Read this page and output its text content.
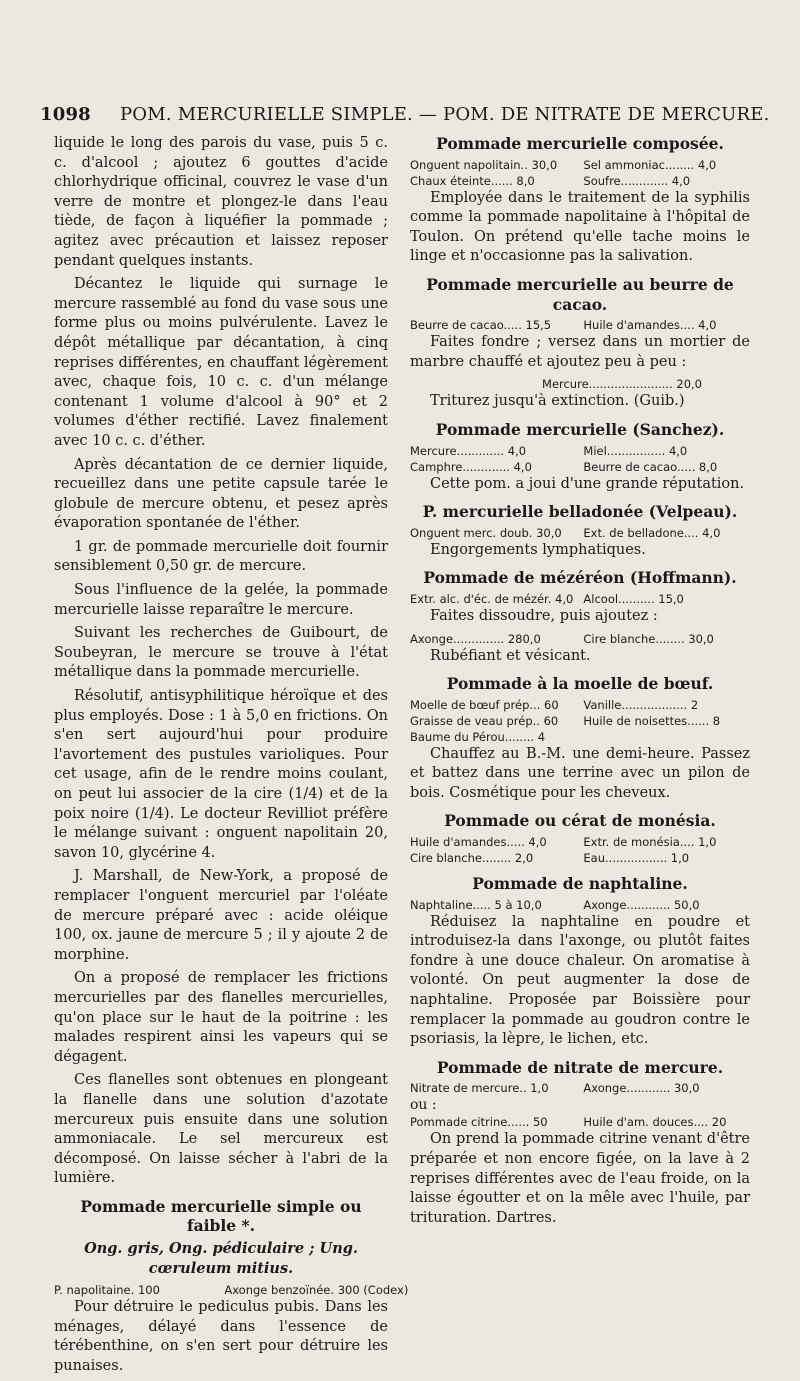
1098 POM. MERCURIELLE SIMPLE. — POM. DE NITRATE DE MERCURE.

liquide le long des parois du vase, puis 5 c. c. d'alcool ; ajoutez 6 gouttes d'acide chlorhydrique officinal, couvrez le vase d'un verre de montre et plongez-le dans l'eau tiède, de façon à liquéfier la pommade ; agitez avec précaution et laissez reposer pendant quelques instants.

Décantez le liquide qui surnage le mercure rassemblé au fond du vase sous une forme plus ou moins pulvérulente. Lavez le dépôt métallique par décantation, à cinq reprises différentes, en chauffant légèrement avec, chaque fois, 10 c. c. d'un mélange contenant 1 volume d'alcool à 90° et 2 volumes d'éther rectifié. Lavez finalement avec 10 c. c. d'éther.

Après décantation de ce dernier liquide, recueillez dans une petite capsule tarée le globule de mercure obtenu, et pesez après évaporation spontanée de l'éther.

1 gr. de pommade mercurielle doit fournir sensiblement 0,50 gr. de mercure.

Sous l'influence de la gelée, la pommade mercurielle laisse reparaître le mercure.

Suivant les recherches de Guibourt, de Soubeyran, le mercure se trouve à l'état métallique dans la pommade mercurielle.

Résolutif, antisyphilitique héroïque et des plus employés. Dose : 1 à 5,0 en frictions. On s'en sert aujourd'hui pour produire l'avortement des pustules varioliques. Pour cet usage, afin de le rendre moins coulant, on peut lui associer de la cire (1/4) et de la poix noire (1/4). Le docteur Revilliot préfère le mélange suivant : onguent napolitain 20, savon 10, glycérine 4.

J. Marshall, de New-York, a proposé de remplacer l'onguent mercuriel par l'oléate de mercure préparé avec : acide oléique 100, ox. jaune de mercure 5 ; il y ajoute 2 de morphine.

On a proposé de remplacer les frictions mercurielles par des flanelles mercurielles, qu'on place sur le haut de la poitrine : les malades respirent ainsi les vapeurs qui se dégagent.

Ces flanelles sont obtenues en plongeant la flanelle dans une solution d'azotate mercureux puis ensuite dans une solution ammoniacale. Le sel mercureux est décomposé. On laisse sécher à l'abri de la lumière.

Pommade mercurielle simple ou faible *.
Ong. gris, Ong. pédiculaire ; Ung. cœruleum mitius.
P. napolitaine. 100	Axonge benzoïnée. 300 (Codex)

Pour détruire le pediculus pubis. Dans les ménages, délayé dans l'essence de térébenthine, on s'en sert pour détruire les punaises.

Pommade mercurielle composée.
Onguent napolitain.. 30,0	Sel ammoniac........ 4,0
Chaux éteinte...... 8,0	Soufre............. 4,0

Employée dans le traitement de la syphilis comme la pommade napolitaine à l'hôpital de Toulon. On prétend qu'elle tache moins le linge et n'occasionne pas la salivation.

Pommade mercurielle au beurre de cacao.
Beurre de cacao..... 15,5	Huile d'amandes.... 4,0

Faites fondre ; versez dans un mortier de marbre chauffé et ajoutez peu à peu :

Mercure....................... 20,0

Triturez jusqu'à extinction. (Guib.)

Pommade mercurielle (Sanchez).
Mercure............. 4,0	Miel................ 4,0
Camphre............. 4,0	Beurre de cacao..... 8,0

Cette pom. a joui d'une grande réputation.

P. mercurielle belladonée (Velpeau).
Onguent merc. doub. 30,0	Ext. de belladone.... 4,0

Engorgements lymphatiques.

Pommade de mézéréon (Hoffmann).
Extr. alc. d'éc. de mézér. 4,0 Alcool.......... 15,0

Faites dissoudre, puis ajoutez :

Axonge.............. 280,0	Cire blanche........ 30,0

Rubéfiant et vésicant.

Pommade à la moelle de bœuf.
Moelle de bœuf prép... 60	Vanille.................. 2
Graisse de veau prép.. 60	Huile de noisettes...... 8
Baume du Pérou........ 4

Chauffez au B.-M. une demi-heure. Passez et battez dans une terrine avec un pilon de bois. Cosmétique pour les cheveux.

Pommade ou cérat de monésia.
Huile d'amandes..... 4,0	Extr. de monésia.... 1,0
Cire blanche........ 2,0	Eau................. 1,0
Pommade de naphtaline.
Naphtaline..... 5 à 10,0	Axonge............ 50,0

Réduisez la naphtaline en poudre et introduisez-la dans l'axonge, ou plutôt faites fondre à une douce chaleur. On aromatise à volonté. On peut augmenter la dose de naphtaline. Proposée par Boissière pour remplacer la pommade au goudron contre le psoriasis, la lèpre, le lichen, etc.

Pommade de nitrate de mercure.
Nitrate de mercure.. 1,0	Axonge............ 30,0
ou :
Pommade citrine...... 50	Huile d'am. douces.... 20

On prend la pommade citrine venant d'être préparée et non encore figée, on la lave à 2 reprises différentes avec de l'eau froide, on la laisse égoutter et on la mêle avec l'huile, par trituration. Dartres.
